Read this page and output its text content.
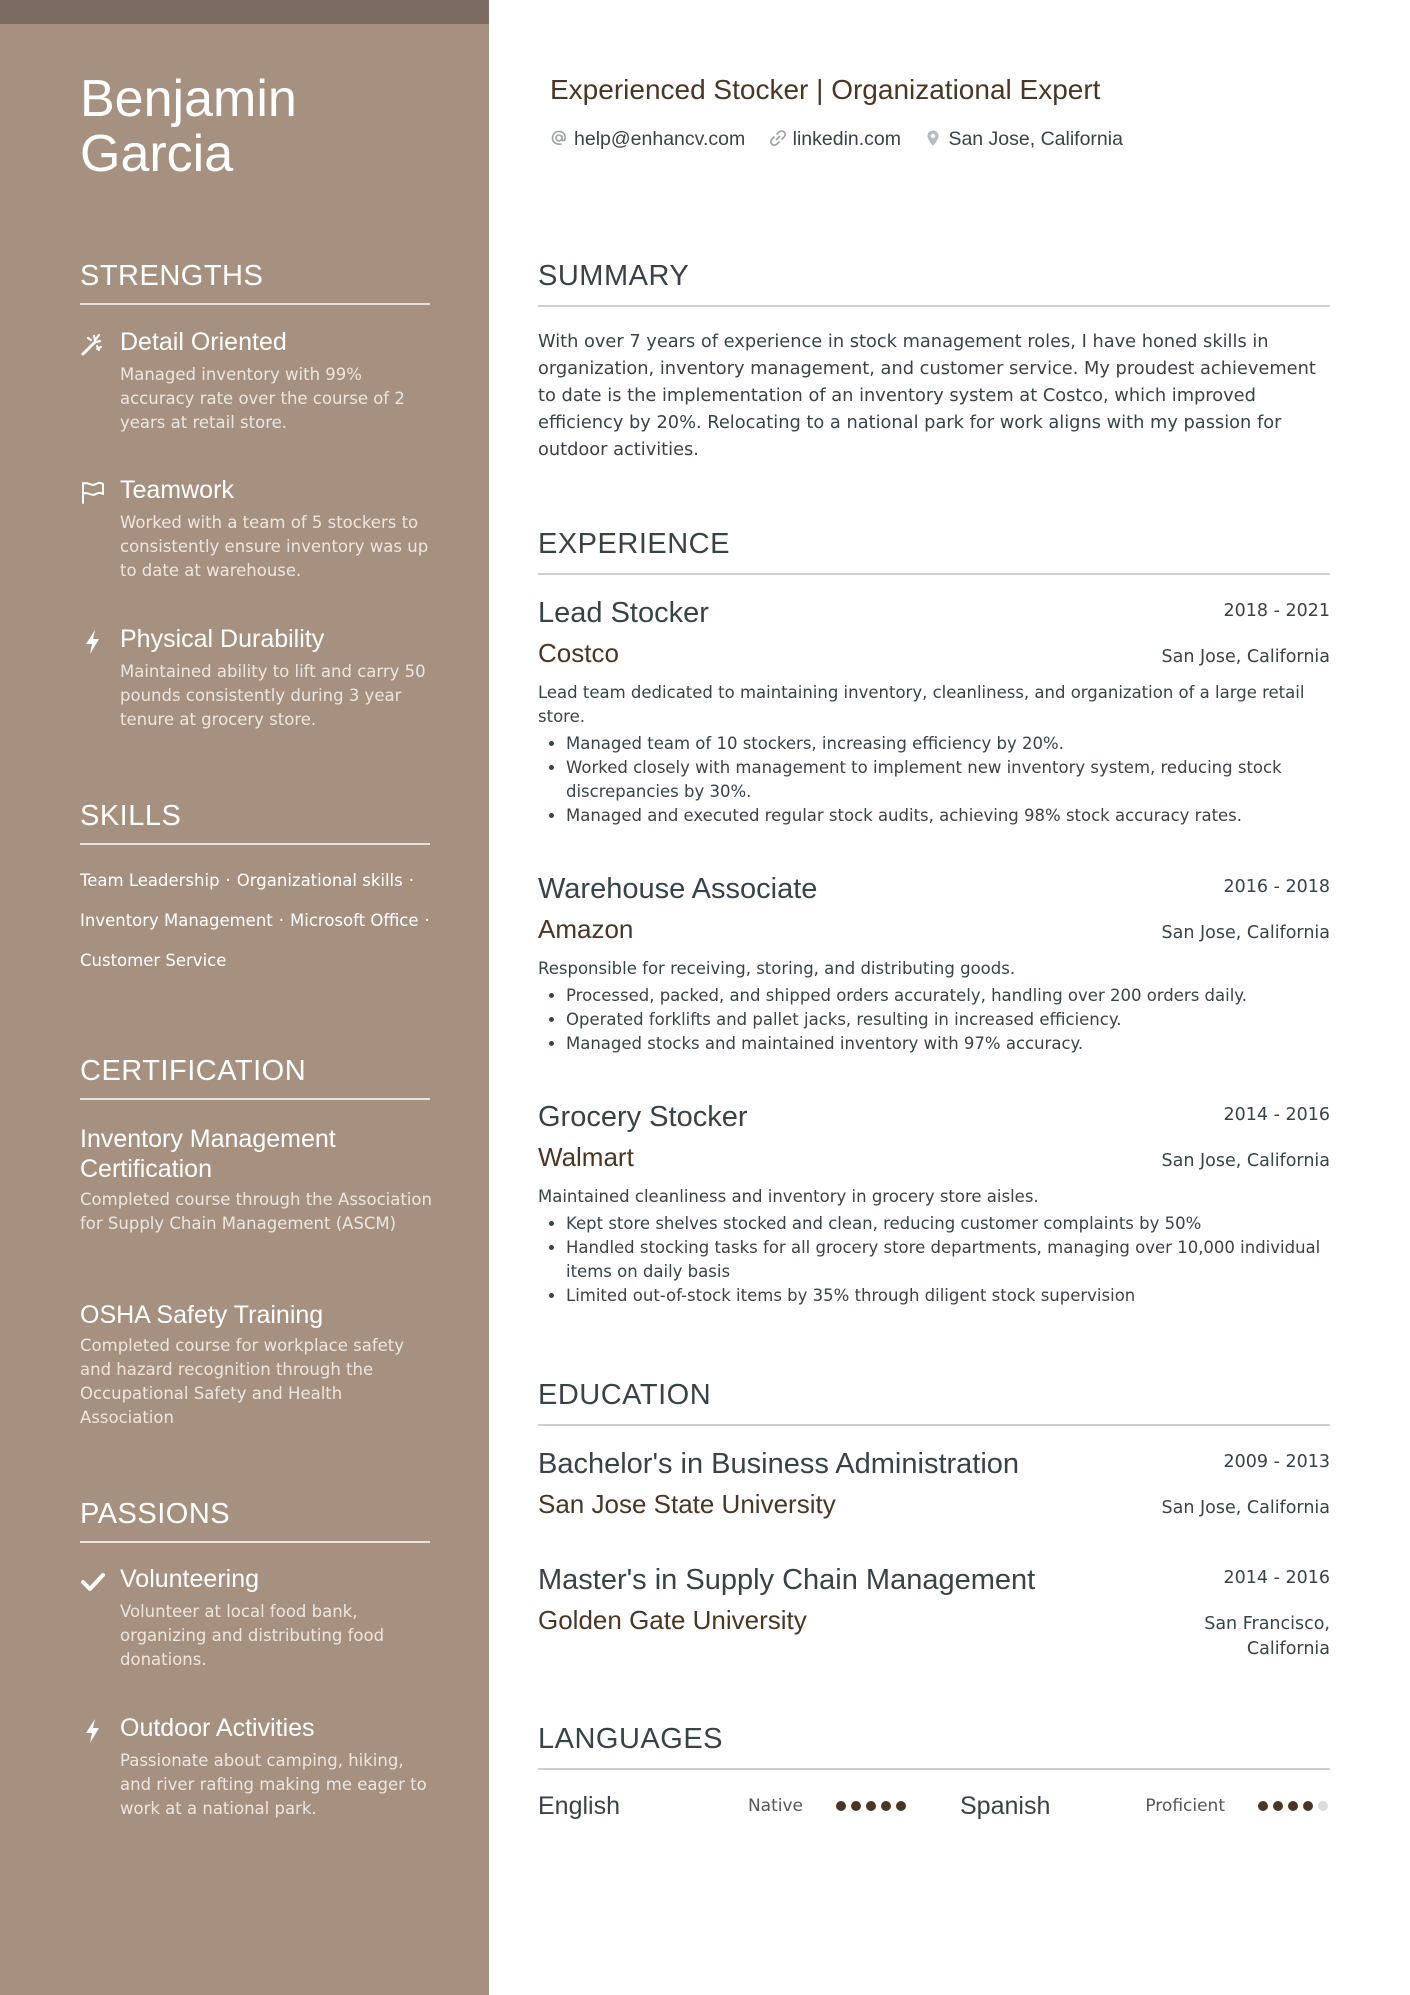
Benjamin
Garcia
STRENGTHS
Detail Oriented
Managed inventory with 99% accuracy rate over the course of 2 years at retail store.
Teamwork
Worked with a team of 5 stockers to consistently ensure inventory was up to date at warehouse.
Physical Durability
Maintained ability to lift and carry 50 pounds consistently during 3 year tenure at grocery store.
SKILLS
Team Leadership · Organizational skills ·
Inventory Management · Microsoft Office ·
Customer Service
CERTIFICATION
Inventory Management Certification
Completed course through the Association for Supply Chain Management (ASCM)
OSHA Safety Training
Completed course for workplace safety and hazard recognition through the Occupational Safety and Health Association
PASSIONS
Volunteering
Volunteer at local food bank, organizing and distributing food donations.
Outdoor Activities
Passionate about camping, hiking, and river rafting making me eager to work at a national park.
Experienced Stocker | Organizational Expert
help@enhancv.com linkedin.com San Jose, California
SUMMARY
With over 7 years of experience in stock management roles, I have honed skills in organization, inventory management, and customer service. My proudest achievement to date is the implementation of an inventory system at Costco, which improved efficiency by 20%. Relocating to a national park for work aligns with my passion for outdoor activities.
EXPERIENCE
Lead Stocker	2018 - 2021
Costco	San Jose, California
Lead team dedicated to maintaining inventory, cleanliness, and organization of a large retail store.
• Managed team of 10 stockers, increasing efficiency by 20%.
• Worked closely with management to implement new inventory system, reducing stock discrepancies by 30%.
• Managed and executed regular stock audits, achieving 98% stock accuracy rates.
Warehouse Associate	2016 - 2018
Amazon	San Jose, California
Responsible for receiving, storing, and distributing goods.
• Processed, packed, and shipped orders accurately, handling over 200 orders daily.
• Operated forklifts and pallet jacks, resulting in increased efficiency.
• Managed stocks and maintained inventory with 97% accuracy.
Grocery Stocker	2014 - 2016
Walmart	San Jose, California
Maintained cleanliness and inventory in grocery store aisles.
• Kept store shelves stocked and clean, reducing customer complaints by 50%
• Handled stocking tasks for all grocery store departments, managing over 10,000 individual items on daily basis
• Limited out-of-stock items by 35% through diligent stock supervision
EDUCATION
Bachelor's in Business Administration	2009 - 2013
San Jose State University	San Jose, California
Master's in Supply Chain Management	2014 - 2016
Golden Gate University	San Francisco,
California
LANGUAGES
English	Native	Spanish	Proficient
